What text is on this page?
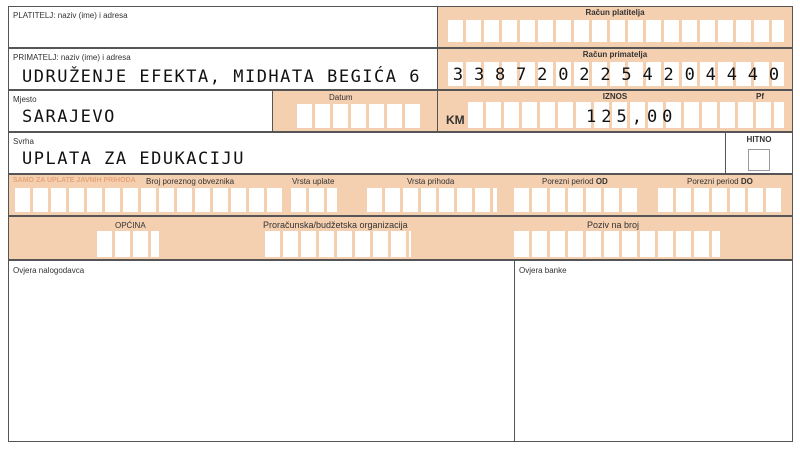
PLATITELJ: naziv (ime) i adresa	Račun platitelja
PRIMATELJ: naziv (ime) i adresa
UDRUŽENJE EFEKTA, MIDHATA BEGIĆA 6
Račun primatelja
3 3 8 7 2 0 2 2 5 4 2 0 4 4 4 0
Mjesto
SARAJEVO
Datum	IZNOS	Pf
KM	125,00
Svrha
UPLATA ZA EDUKACIJU
HITNO
SAMO ZA UPLATE JAVNIH PRIHODA Broj poreznog obveznika	Vrsta uplate	Vrsta prihoda	Porezni period OD	Porezni period DO
OPĆINA	Proračunska/budžetska organizacija	Poziv na broj
Ovjera nalogodavca	Ovjera banke
